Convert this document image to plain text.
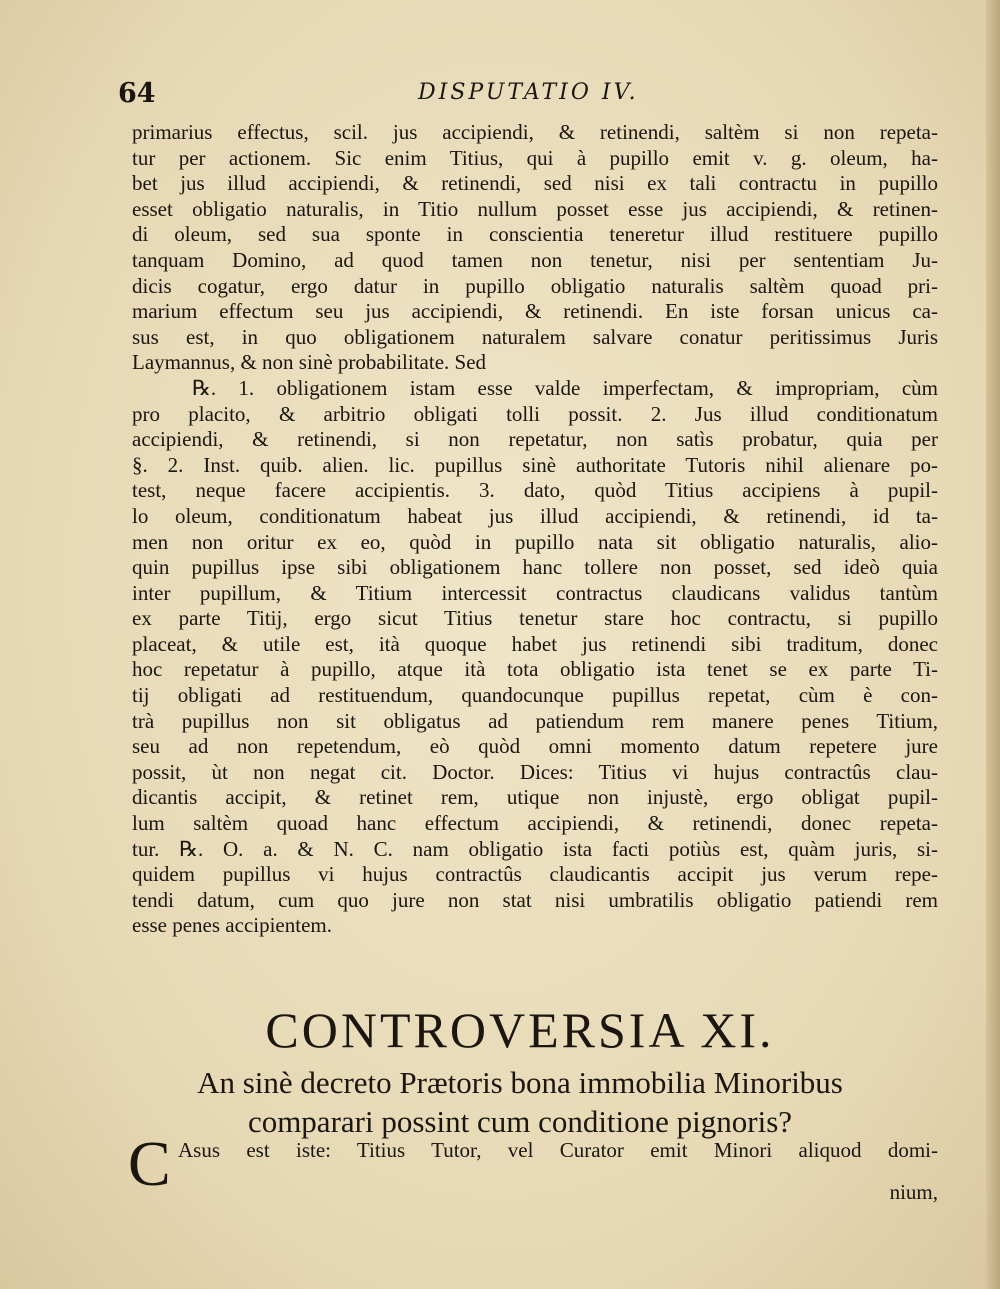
64	DISPUTATIO IV.
primarius effectus, scil. jus accipiendi, & retinendi, saltèm si non repeta-
tur per actionem. Sic enim Titius, qui à pupillo emit v. g. oleum, ha-
bet jus illud accipiendi, & retinendi, sed nisi ex tali contractu in pupillo
esset obligatio naturalis, in Titio nullum posset esse jus accipiendi, & retinen-
di oleum, sed sua sponte in conscientia teneretur illud restituere pupillo
tanquam Domino, ad quod tamen non tenetur, nisi per sententiam Ju-
dicis cogatur, ergo datur in pupillo obligatio naturalis saltèm quoad pri-
marium effectum seu jus accipiendi, & retinendi. En iste forsan unicus ca-
sus est, in quo obligationem naturalem salvare conatur peritissimus Juris
Laymannus, & non sinè probabilitate. Sed
℞. 1. obligationem istam esse valde imperfectam, & impropriam, cùm
pro placito, & arbitrio obligati tolli possit. 2. Jus illud conditionatum
accipiendi, & retinendi, si non repetatur, non satìs probatur, quia per
§. 2. Inst. quib. alien. lic. pupillus sinè authoritate Tutoris nihil alienare po-
test, neque facere accipientis. 3. dato, quòd Titius accipiens à pupil-
lo oleum, conditionatum habeat jus illud accipiendi, & retinendi, id ta-
men non oritur ex eo, quòd in pupillo nata sit obligatio naturalis, alio-
quin pupillus ipse sibi obligationem hanc tollere non posset, sed ideò quia
inter pupillum, & Titium intercessit contractus claudicans validus tantùm
ex parte Titij, ergo sicut Titius tenetur stare hoc contractu, si pupillo
placeat, & utile est, ità quoque habet jus retinendi sibi traditum, donec
hoc repetatur à pupillo, atque ità tota obligatio ista tenet se ex parte Ti-
tij obligati ad restituendum, quandocunque pupillus repetat, cùm è con-
trà pupillus non sit obligatus ad patiendum rem manere penes Titium,
seu ad non repetendum, eò quòd omni momento datum repetere jure
possit, ùt non negat cit. Doctor. Dices: Titius vi hujus contractûs clau-
dicantis accipit, & retinet rem, utique non injustè, ergo obligat pupil-
lum saltèm quoad hanc effectum accipiendi, & retinendi, donec repeta-
tur. ℞. O. a. & N. C. nam obligatio ista facti potiùs est, quàm juris, si-
quidem pupillus vi hujus contractûs claudicantis accipit jus verum repe-
tendi datum, cum quo jure non stat nisi umbratilis obligatio patiendi rem
esse penes accipientem.
CONTROVERSIA XI.
An sinè decreto Prætoris bona immobilia Minoribus
comparari possint cum conditione pignoris?
C Asus est iste: Titius Tutor, vel Curator emit Minori aliquod domi-
nium,
